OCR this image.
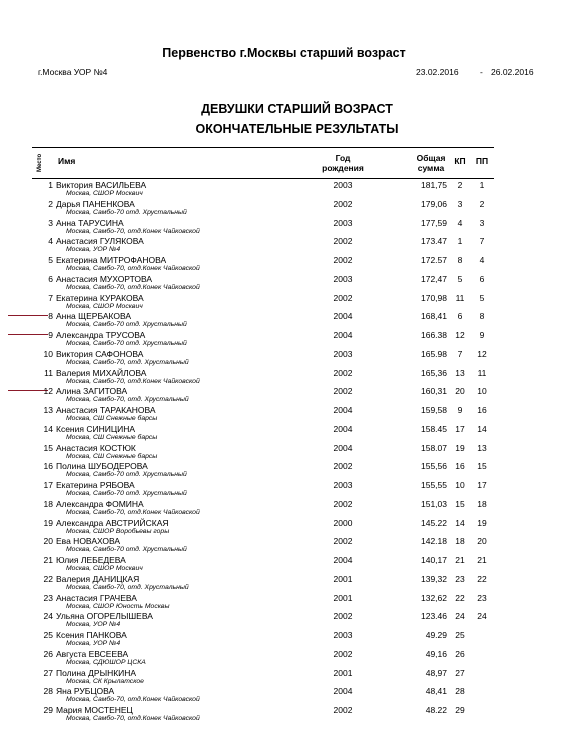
Первенство г.Москвы старший возраст
г.Москва УОР №4	23.02.2016	- 26.02.2016
ДЕВУШКИ СТАРШИЙ ВОЗРАСТ
ОКОНЧАТЕЛЬНЫЕ РЕЗУЛЬТАТЫ
Место Имя	Год
рождения
Общая
сумма
КП	ПП
1 Виктория ВАСИЛЬЕВА
Москва, СШОР Москвич
2003	181,75	2	1
2 Дарья ПАНЕНКОВА
Москва, Самбо-70 отд. Хрустальный
2002	179,06	3	2
3 Анна ТАРУСИНА
Москва, Самбо-70, отд.Конек Чайковской
2003	177,59	4	3
4 Анастасия ГУЛЯКОВА
Москва, УОР №4
2002	173.47	1	7
5 Екатерина МИТРОФАНОВА
Москва, Самбо-70, отд.Конек Чайковской
2002	172.57	8	4
6 Анастасия МУХОРТОВА
Москва, Самбо-70, отд.Конек Чайковской
2003	172,47	5	6
7 Екатерина КУРАКОВА
Москва, СШОР Москвич
2002	170,98	11	5
8 Анна ЩЕРБАКОВА
Москва, Самбо-70 отд. Хрустальный
2004	168,41	6	8
9 Александра ТРУСОВА
Москва, Самбо-70 отд. Хрустальный
2004	166.38 12	9
10 Виктория САФОНОВА
Москва, Самбо-70, отд. Хрустальный
2003	165.98	7	12
11 Валерия МИХАЙЛОВА
Москва, Самбо-70, отд.Конек Чайковской
2002	165,36 13	11
12 Алина ЗАГИТОВА
Москва, Самбо-70, отд. Хрустальный
2002	160,31 20	10
13 Анастасия ТАРАКАНОВА
Москва, СШ Снежные барсы
2004	159,58	9	16
14 Ксения СИНИЦИНА
Москва, СШ Снежные барсы
2004	158.45 17	14
15 Анастасия КОСТЮК
Москва, СШ Снежные барсы
2004	158.07 19	13
16 Полина ШУБОДЕРОВА
Москва, Самбо-70 отд. Хрустальный
2002	155,56 16	15
17 Екатерина РЯБОВА
Москва, Самбо-70 отд. Хрустальный
2003	155,55 10	17
18 Александра ФОМИНА
Москва, Самбо-70, отд.Конек Чайковской
2002	151,03 15	18
19 Александра АВСТРИЙСКАЯ
Москва, СШОР Воробьевы горы
2000	145.22 14	19
20 Ева НОВАХОВА
Москва, Самбо-70 отд. Хрустальный
2002	142.18 18	20
21 Юлия ЛЕБЕДЕВА
Москва, СШОР Москвич
2004	140,17 21	21
22 Валерия ДАНИЦКАЯ
Москва, Самбо-70, отд. Хрустальный
2001	139,32 23	22
23 Анастасия ГРАЧЕВА
Москва, СШОР Юность Москвы
2001	132,62 22	23
24 Ульяна ОГОРЕЛЫШЕВА
Москва, УОР №4
2002	123.46 24	24
25 Ксения ПАНКОВА
Москва, УОР №4
2003	49.29 25
26 Августа ЕВСЕЕВА
Москва, СДЮШОР ЦСКА
2002	49,16 26
27 Полина ДРЫНКИНА
Москва, СК Крылатское
2001	48,97 27
28 Яна РУБЦОВА
Москва, Самбо-70, отд.Конек Чайковской
2004	48,41 28
29 Мария МОСТЕНЕЦ
Москва, Самбо-70, отд.Конек Чайковской
2002	48.22 29
